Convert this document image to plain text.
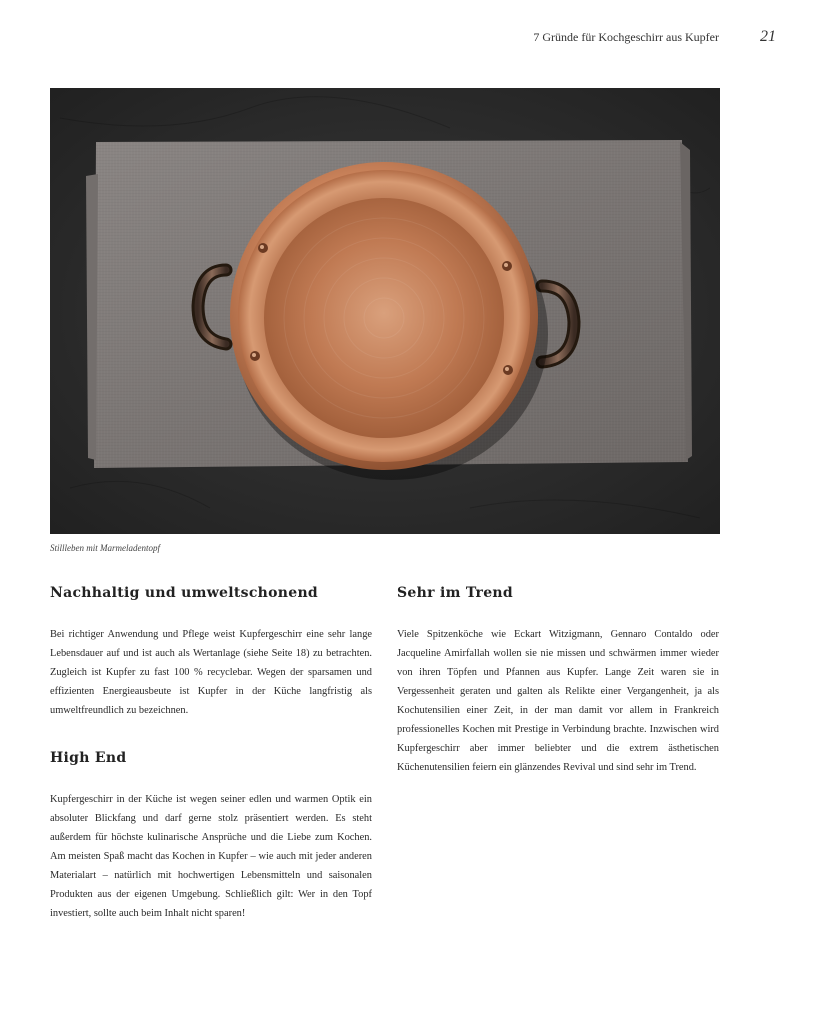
7 Gründe für Kochgeschirr aus Kupfer	21
Stillleben mit Marmeladentopf
Nachhaltig und umweltschonend

Bei richtiger Anwendung und Pflege weist Kupfergeschirr eine sehr lange Lebensdauer auf und ist auch als Wertanlage (siehe Seite 18) zu betrachten. Zugleich ist Kupfer zu fast 100 % recyclebar. Wegen der sparsamen und effizienten Energieausbeute ist Kupfer in der Küche langfristig als umweltfreundlich zu bezeichnen.

High End

Kupfergeschirr in der Küche ist wegen seiner edlen und warmen Optik ein absoluter Blickfang und darf gerne stolz präsentiert werden. Es steht außerdem für höchste kulinarische Ansprüche und die Liebe zum Kochen. Am meisten Spaß macht das Kochen in Kupfer – wie auch mit jeder anderen Materialart – natürlich mit hochwertigen Lebensmitteln und saisonalen Produkten aus der eigenen Umgebung. Schließlich gilt: Wer in den Topf investiert, sollte auch beim Inhalt nicht sparen!

Sehr im Trend

Viele Spitzenköche wie Eckart Witzigmann, Gennaro Contaldo oder Jacqueline Amirfallah wollen sie nie missen und schwärmen immer wieder von ihren Töpfen und Pfannen aus Kupfer. Lange Zeit waren sie in Vergessenheit geraten und galten als Relikte einer Vergangenheit, ja als Kochutensilien einer Zeit, in der man damit vor allem in Frankreich professionelles Kochen mit Prestige in Verbindung brachte. Inzwischen wird Kupfergeschirr aber immer beliebter und die extrem ästhetischen Küchenutensilien feiern ein glänzendes Revival und sind sehr im Trend.
